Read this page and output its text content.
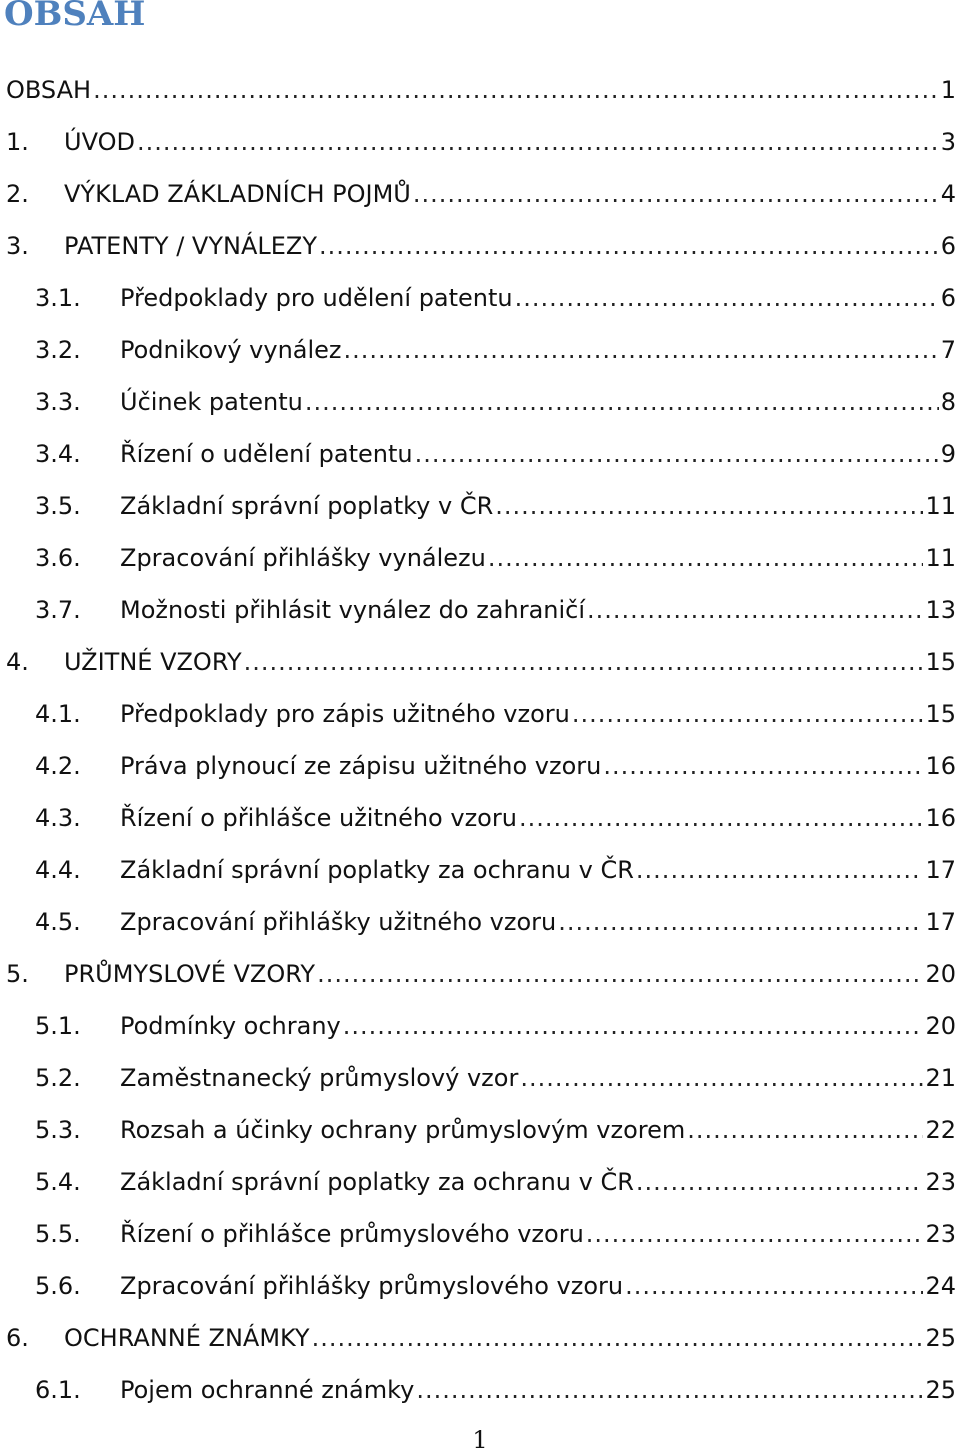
OBSAH
OBSAH .....	1
1. ÚVOD .....	3
2. VÝKLAD ZÁKLADNÍCH POJMŮ .....	4
3. PATENTY / VYNÁLEZY .....	6
3.1. Předpoklady pro udělení patentu .....	6
3.2. Podnikový vynález .....	7
3.3. Účinek patentu .....	8
3.4. Řízení o udělení patentu .....	9
3.5. Základní správní poplatky v ČR .....	11
3.6. Zpracování přihlášky vynálezu .....	11
3.7. Možnosti přihlásit vynález do zahraničí .....	13
4. UŽITNÉ VZORY .....	15
4.1. Předpoklady pro zápis užitného vzoru .....	15
4.2. Práva plynoucí ze zápisu užitného vzoru .....	16
4.3. Řízení o přihlášce užitného vzoru .....	16
4.4. Základní správní poplatky za ochranu v ČR .....	17
4.5. Zpracování přihlášky užitného vzoru .....	17
5. PRŮMYSLOVÉ VZORY .....	20
5.1. Podmínky ochrany .....	20
5.2. Zaměstnanecký průmyslový vzor .....	21
5.3. Rozsah a účinky ochrany průmyslovým vzorem .....	22
5.4. Základní správní poplatky za ochranu v ČR .....	23
5.5. Řízení o přihlášce průmyslového vzoru .....	23
5.6. Zpracování přihlášky průmyslového vzoru .....	24
6. OCHRANNÉ ZNÁMKY .....	25
6.1. Pojem ochranné známky .....	25
1
